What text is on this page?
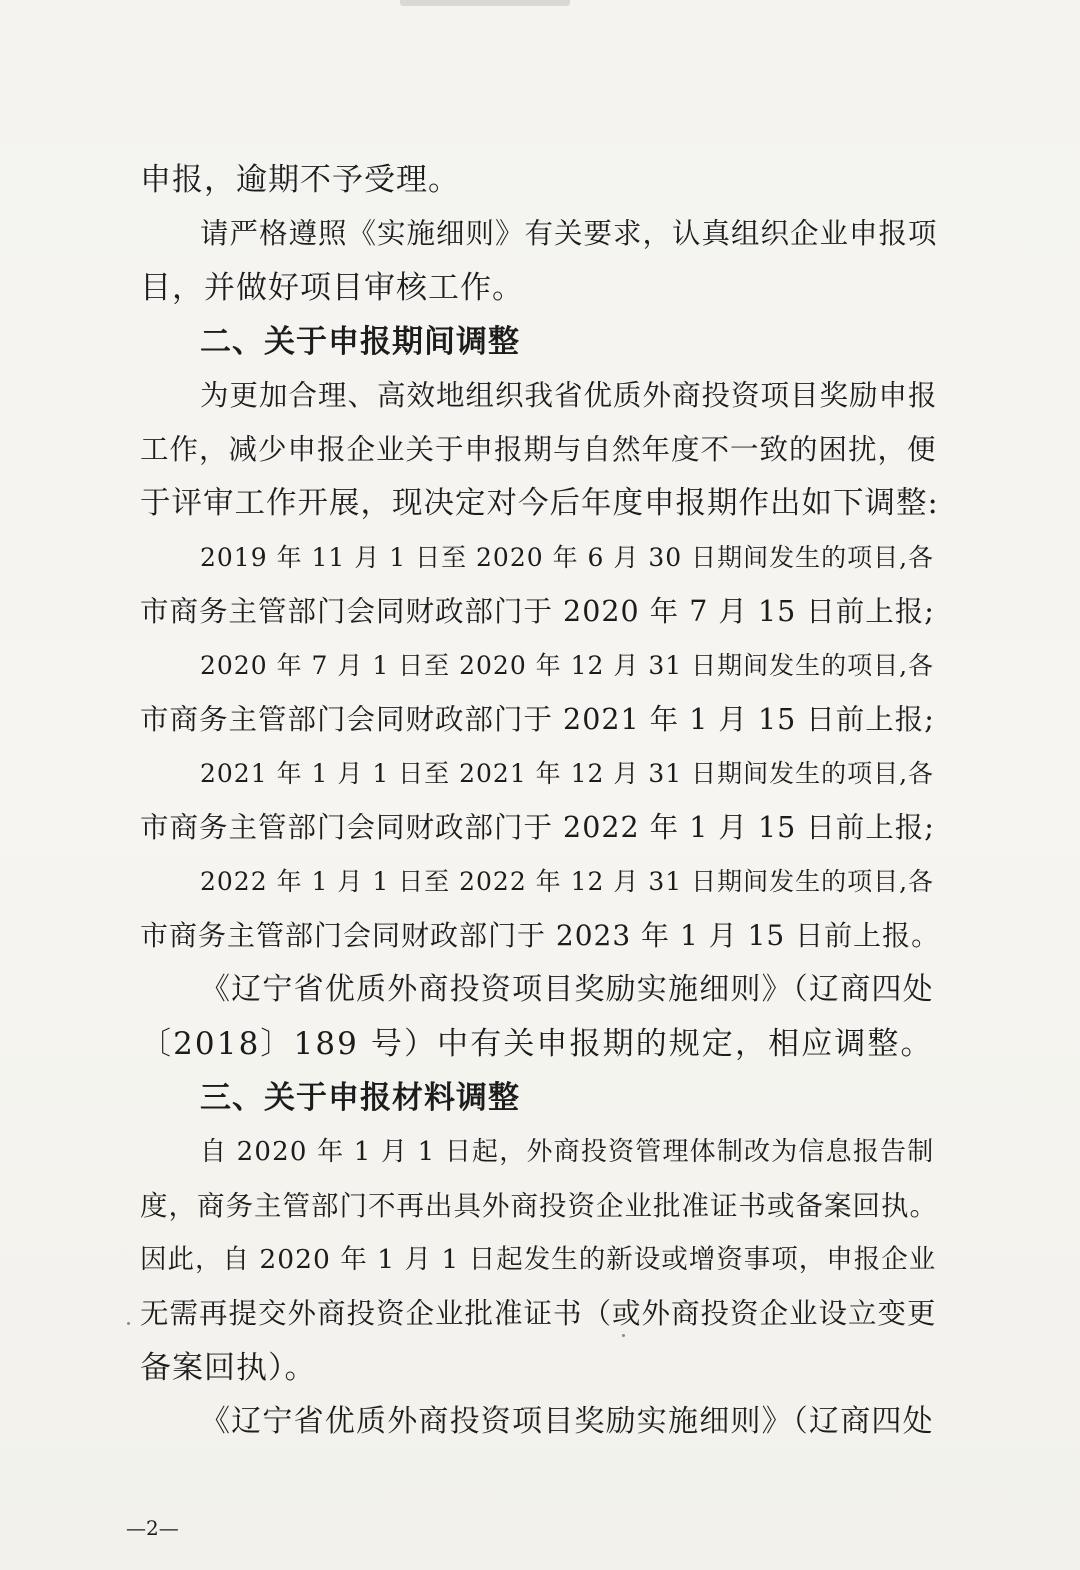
申报，逾期不予受理。
请严格遵照《实施细则》有关要求，认真组织企业申报项
目，并做好项目审核工作。
二、关于申报期间调整
为更加合理、高效地组织我省优质外商投资项目奖励申报
工作，减少申报企业关于申报期与自然年度不一致的困扰，便
于评审工作开展，现决定对今后年度申报期作出如下调整:
2019 年 11 月 1 日至 2020 年 6 月 30 日期间发生的项目,各
市商务主管部门会同财政部门于 2020 年 7 月 15 日前上报;
2020 年 7 月 1 日至 2020 年 12 月 31 日期间发生的项目,各
市商务主管部门会同财政部门于 2021 年 1 月 15 日前上报;
2021 年 1 月 1 日至 2021 年 12 月 31 日期间发生的项目,各
市商务主管部门会同财政部门于 2022 年 1 月 15 日前上报;
2022 年 1 月 1 日至 2022 年 12 月 31 日期间发生的项目,各
市商务主管部门会同财政部门于 2023 年 1 月 15 日前上报。
《辽宁省优质外商投资项目奖励实施细则》（辽商四处
〔2018〕189 号）中有关申报期的规定，相应调整。
三、关于申报材料调整
自 2020 年 1 月 1 日起，外商投资管理体制改为信息报告制
度，商务主管部门不再出具外商投资企业批准证书或备案回执。
因此，自 2020 年 1 月 1 日起发生的新设或增资事项，申报企业
无需再提交外商投资企业批准证书（或外商投资企业设立变更
备案回执）。
《辽宁省优质外商投资项目奖励实施细则》（辽商四处
—2—
